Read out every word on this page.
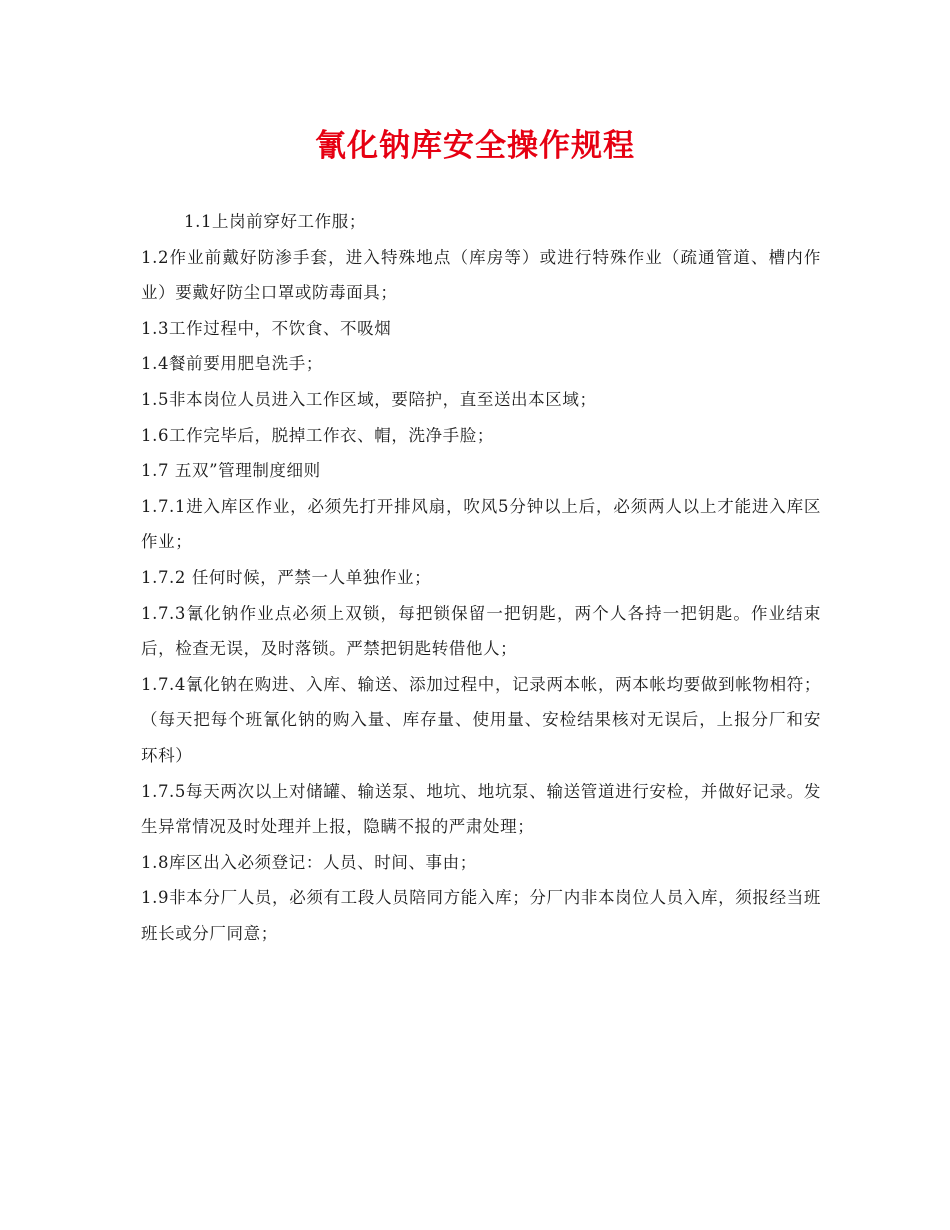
氰化钠库安全操作规程

1.1上岗前穿好工作服；

1.2作业前戴好防渗手套，进入特殊地点（库房等）或进行特殊作业（疏通管道、槽内作业）要戴好防尘口罩或防毒面具；

1.3工作过程中，不饮食、不吸烟

1.4餐前要用肥皂洗手；

1.5非本岗位人员进入工作区域，要陪护，直至送出本区域；

1.6工作完毕后，脱掉工作衣、帽，洗净手脸；

1.7 五双”管理制度细则

1.7.1进入库区作业，必须先打开排风扇，吹风5分钟以上后，必须两人以上才能进入库区作业；

1.7.2 任何时候，严禁一人单独作业；

1.7.3氰化钠作业点必须上双锁，每把锁保留一把钥匙，两个人各持一把钥匙。作业结束后，检查无误，及时落锁。严禁把钥匙转借他人；

1.7.4氰化钠在购进、入库、输送、添加过程中，记录两本帐，两本帐均要做到帐物相符；（每天把每个班氰化钠的购入量、库存量、使用量、安检结果核对无误后，上报分厂和安环科）

1.7.5每天两次以上对储罐、输送泵、地坑、地坑泵、输送管道进行安检，并做好记录。发生异常情况及时处理并上报，隐瞒不报的严肃处理；

1.8库区出入必须登记：人员、时间、事由；

1.9非本分厂人员，必须有工段人员陪同方能入库；分厂内非本岗位人员入库，须报经当班班长或分厂同意；
